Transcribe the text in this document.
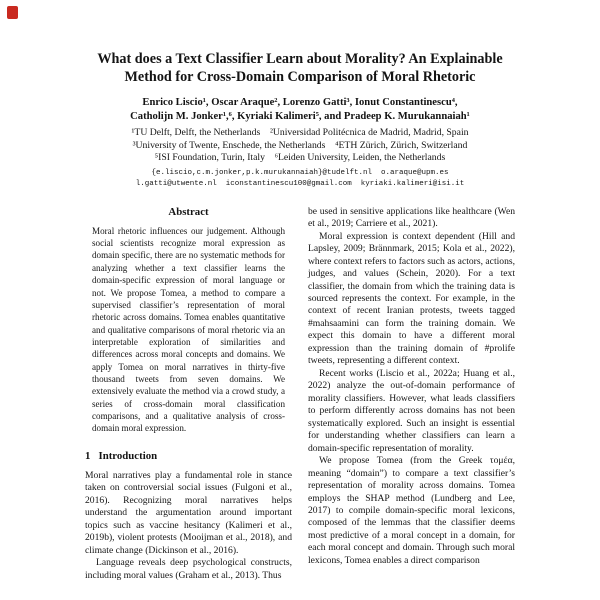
What does a Text Classifier Learn about Morality? An Explainable
Method for Cross-Domain Comparison of Moral Rhetoric
Enrico Liscio¹, Oscar Araque², Lorenzo Gatti³, Ionut Constantinescu⁴,
Catholijn M. Jonker¹,⁶, Kyriaki Kalimeri⁵, and Pradeep K. Murukannaiah¹
¹TU Delft, Delft, the Netherlands    ²Universidad Politécnica de Madrid, Madrid, Spain
³University of Twente, Enschede, the Netherlands    ⁴ETH Zürich, Zürich, Switzerland
⁵ISI Foundation, Turin, Italy    ⁶Leiden University, Leiden, the Netherlands
{e.liscio,c.m.jonker,p.k.murukannaiah}@tudelft.nl  o.araque@upm.es
l.gatti@utwente.nl  iconstantinescu100@gmail.com  kyriaki.kalimeri@isi.it
Abstract

Moral rhetoric influences our judgement. Although social scientists recognize moral expression as domain specific, there are no systematic methods for analyzing whether a text classifier learns the domain-specific expression of moral language or not. We propose Tomea, a method to compare a supervised classifier’s representation of moral rhetoric across domains. Tomea enables quantitative and qualitative comparisons of moral rhetoric via an interpretable exploration of similarities and differences across moral concepts and domains. We apply Tomea on moral narratives in thirty-five thousand tweets from seven domains. We extensively evaluate the method via a crowd study, a series of cross-domain moral classification comparisons, and a qualitative analysis of cross-domain moral expression.

1   Introduction
Moral narratives play a fundamental role in stance taken on controversial social issues (Fulgoni et al., 2016). Recognizing moral narratives helps understand the argumentation around important topics such as vaccine hesitancy (Kalimeri et al., 2019b), violent protests (Mooijman et al., 2018), and climate change (Dickinson et al., 2016).
Language reveals deep psychological constructs, including moral values (Graham et al., 2013). Thus
be used in sensitive applications like healthcare (Wen et al., 2019; Carriere et al., 2021).
Moral expression is context dependent (Hill and Lapsley, 2009; Brännmark, 2015; Kola et al., 2022), where context refers to factors such as actors, actions, judges, and values (Schein, 2020). For a text classifier, the domain from which the training data is sourced represents the context. For example, in the context of recent Iranian protests, tweets tagged #mahsaamini can form the training domain. We expect this domain to have a different moral expression than the training domain of #prolife tweets, representing a different context.
Recent works (Liscio et al., 2022a; Huang et al., 2022) analyze the out-of-domain performance of morality classifiers. However, what leads classifiers to perform differently across domains has not been systematically explored. Such an insight is essential for understanding whether classifiers can learn a domain-specific representation of morality.
We propose Tomea (from the Greek τομέα, meaning “domain”) to compare a text classifier’s representation of morality across domains. Tomea employs the SHAP method (Lundberg and Lee, 2017) to compile domain-specific moral lexicons, composed of the lemmas that the classifier deems most predictive of a moral concept in a domain, for each moral concept and domain. Through such moral lexicons, Tomea enables a direct comparison
